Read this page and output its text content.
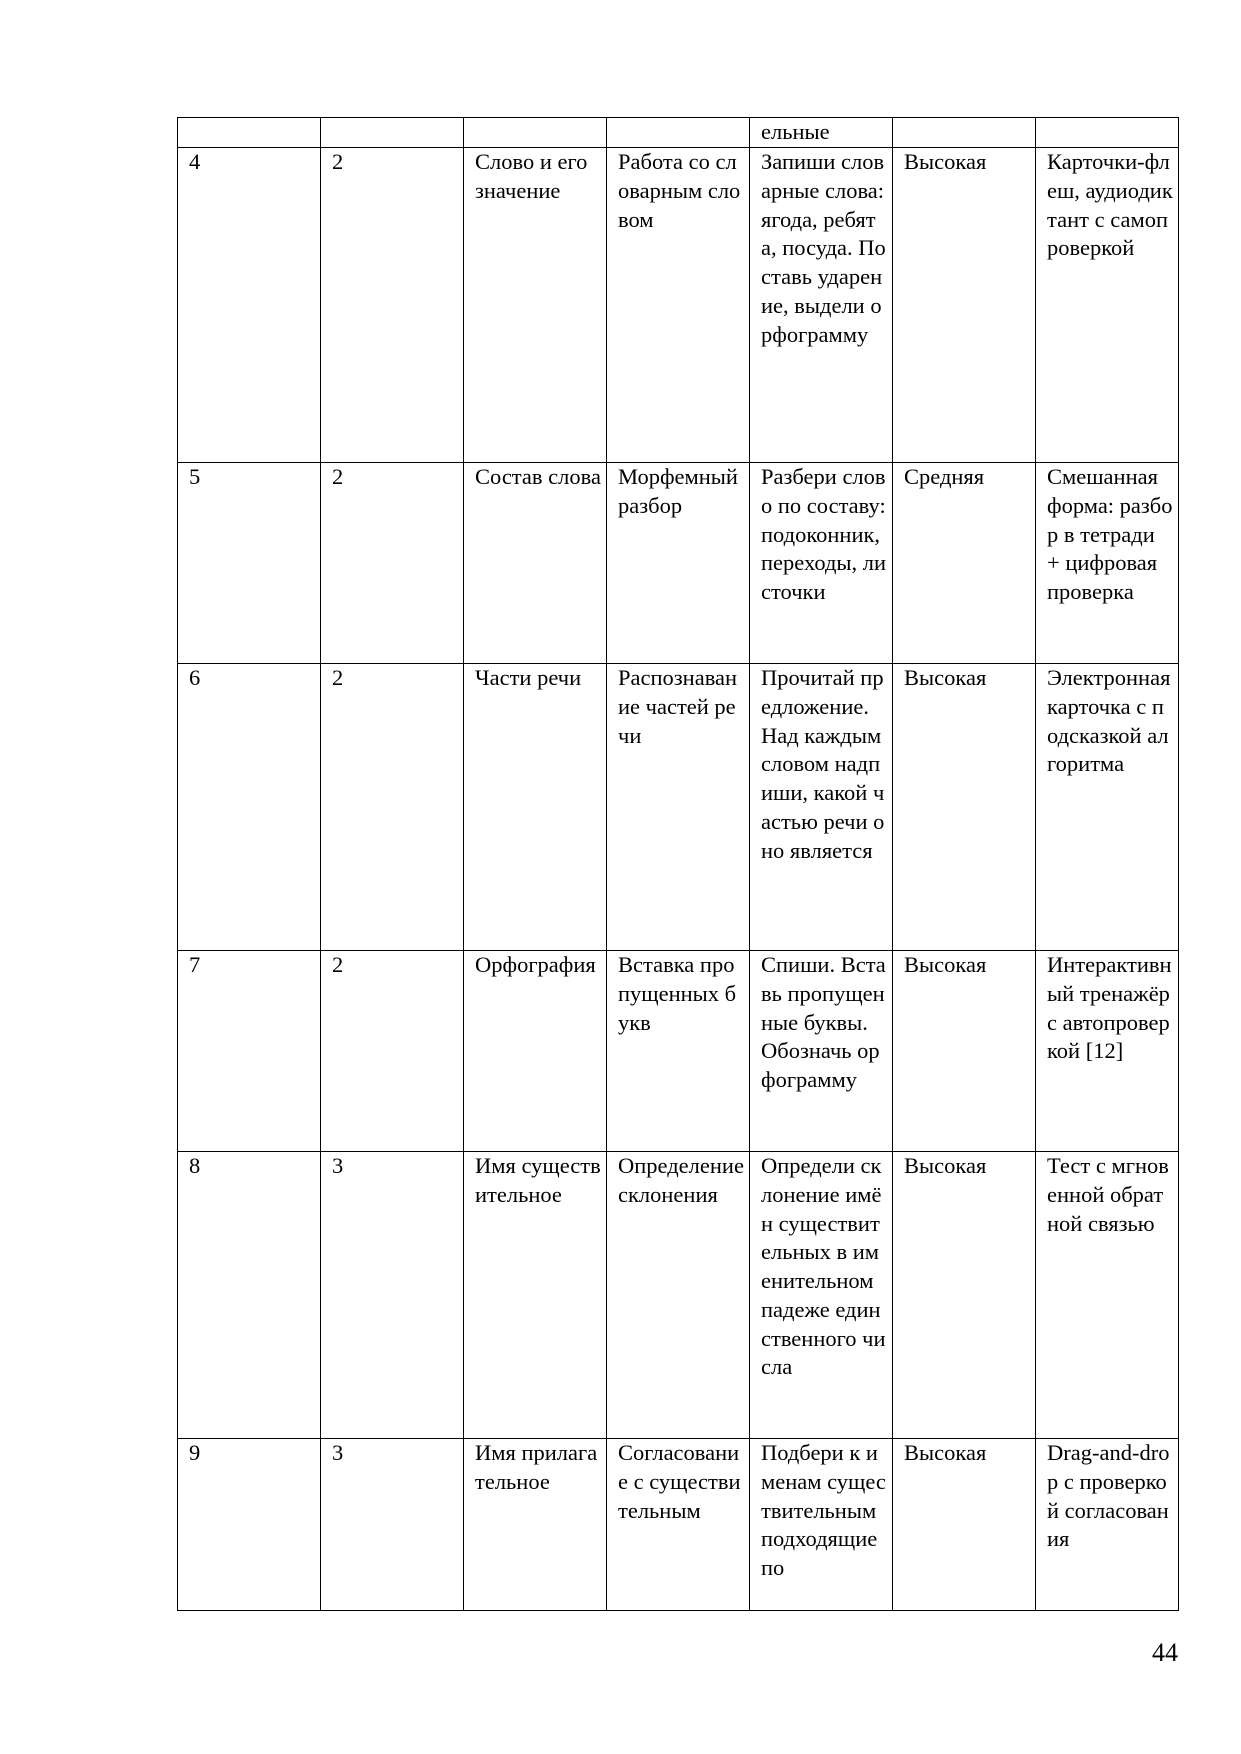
				ельные		
4	2	Слово и его значение	Работа со словарным словом	Запиши словарные слова: ягода, ребята, посуда. Поставь ударение, выдели орфограмму	Высокая	Карточки-флеш, аудиодиктант с самопроверкой
5	2	Состав слова	Морфемный разбор	Разбери слово по составу: подоконник, переходы, листочки	Средняя	Смешанная форма: разбор в тетради + цифровая проверка
6	2	Части речи	Распознавание частей речи	Прочитай предложение. Над каждым словом надпиши, какой частью речи оно является	Высокая	Электронная карточка с подсказкой алгоритма
7	2	Орфография	Вставка пропущенных букв	Спиши. Вставь пропущенные буквы. Обозначь орфограмму	Высокая	Интерактивный тренажёр с автопроверкой [12]
8	3	Имя существительное	Определение склонения	Определи склонение имён существительных в именительном падеже единственного числа	Высокая	Тест с мгновенной обратной связью
9	3	Имя прилагательное	Согласование с существительным	Подбери к именам существительным подходящие по	Высокая	Drag-and-drop с проверкой согласования
44
